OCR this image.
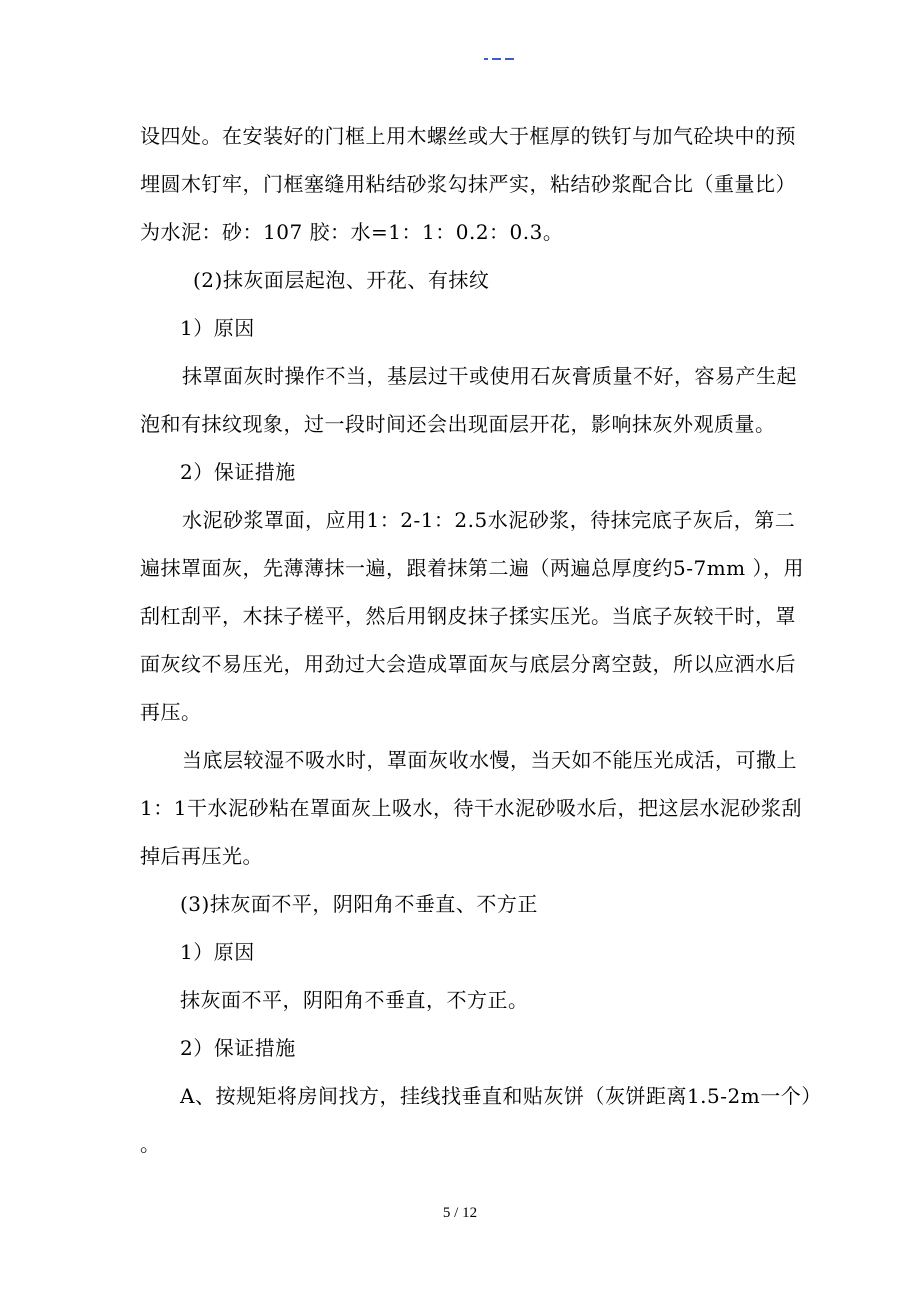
设四处。在安装好的门框上用木螺丝或大于框厚的铁钉与加气砼块中的预
埋圆木钉牢，门框塞缝用粘结砂浆勾抹严实，粘结砂浆配合比（重量比）
为水泥：砂：107 胶：水=1：1：0.2：0.3。
(2)抹灰面层起泡、开花、有抹纹
1）原因
抹罩面灰时操作不当，基层过干或使用石灰膏质量不好，容易产生起
泡和有抹纹现象，过一段时间还会出现面层开花，影响抹灰外观质量。
2）保证措施
水泥砂浆罩面，应用1：2-1：2.5水泥砂浆，待抹完底子灰后，第二
遍抹罩面灰，先薄薄抹一遍，跟着抹第二遍（两遍总厚度约5-7mm ），用
刮杠刮平，木抹子槎平，然后用钢皮抹子揉实压光。当底子灰较干时，罩
面灰纹不易压光，用劲过大会造成罩面灰与底层分离空鼓，所以应洒水后
再压。
当底层较湿不吸水时，罩面灰收水慢，当天如不能压光成活，可撒上
1：1干水泥砂粘在罩面灰上吸水，待干水泥砂吸水后，把这层水泥砂浆刮
掉后再压光。
(3)抹灰面不平，阴阳角不垂直、不方正
1）原因
抹灰面不平，阴阳角不垂直，不方正。
2）保证措施
A、按规矩将房间找方，挂线找垂直和贴灰饼（灰饼距离1.5-2m一个）
。
5 / 12
